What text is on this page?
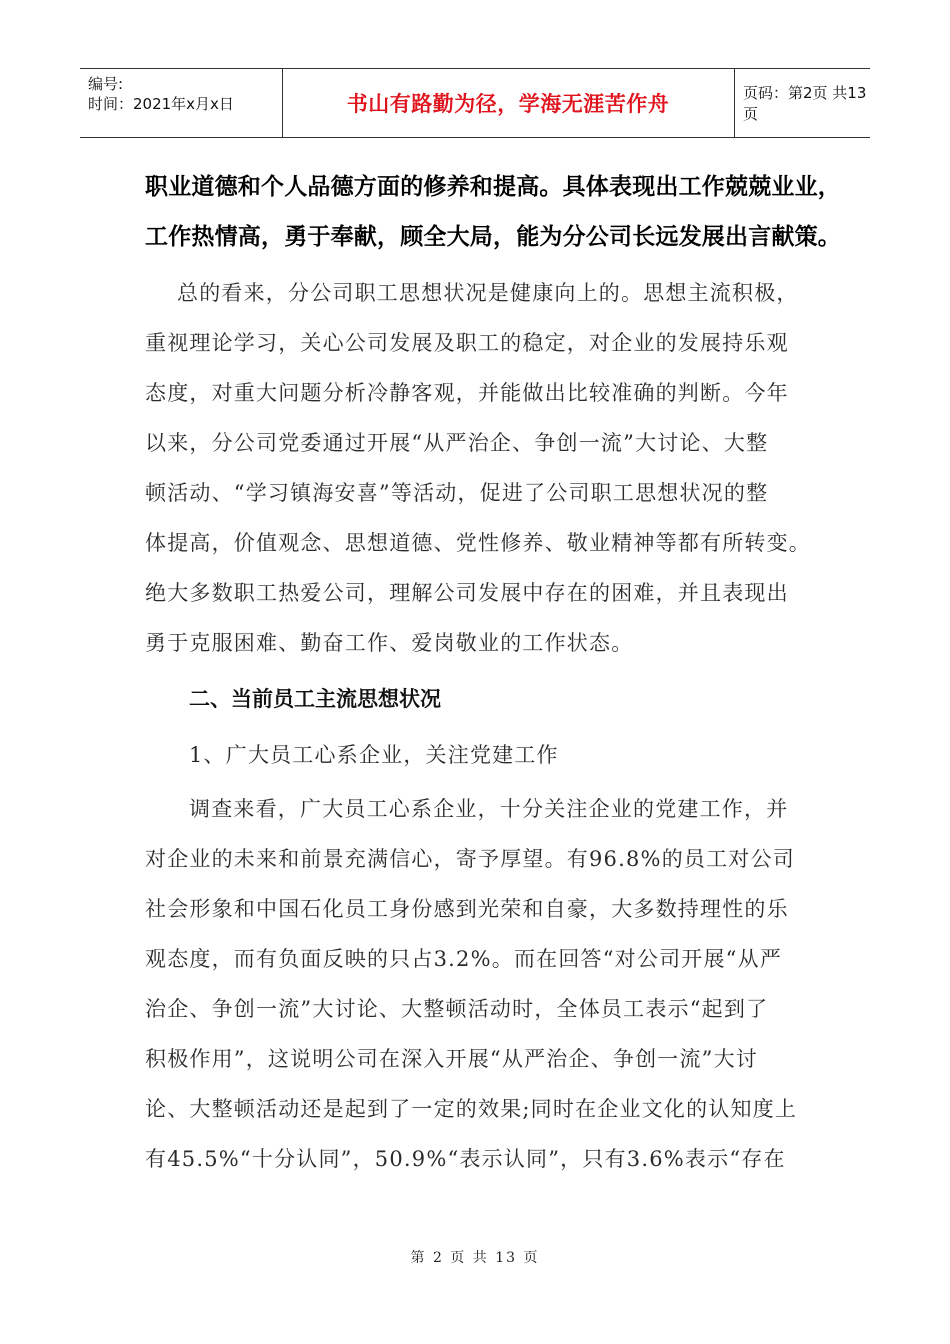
编号:
时间：2021年x月x日	书山有路勤为径，学海无涯苦作舟	页码：第2页 共13页
职业道德和个人品德方面的修养和提高。具体表现出工作兢兢业业，
工作热情高，勇于奉献，顾全大局，能为分公司长远发展出言献策。
总的看来，分公司职工思想状况是健康向上的。思想主流积极，
重视理论学习，关心公司发展及职工的稳定，对企业的发展持乐观
态度，对重大问题分析冷静客观，并能做出比较准确的判断。今年
以来，分公司党委通过开展“从严治企、争创一流”大讨论、大整
顿活动、“学习镇海安喜”等活动，促进了公司职工思想状况的整
体提高，价值观念、思想道德、党性修养、敬业精神等都有所转变。
绝大多数职工热爱公司，理解公司发展中存在的困难，并且表现出
勇于克服困难、勤奋工作、爱岗敬业的工作状态。
二、当前员工主流思想状况
1、广大员工心系企业，关注党建工作
调查来看，广大员工心系企业，十分关注企业的党建工作，并
对企业的未来和前景充满信心，寄予厚望。有96.8%的员工对公司
社会形象和中国石化员工身份感到光荣和自豪，大多数持理性的乐
观态度，而有负面反映的只占3.2%。而在回答“对公司开展“从严
治企、争创一流”大讨论、大整顿活动时，全体员工表示“起到了
积极作用”，这说明公司在深入开展“从严治企、争创一流”大讨
论、大整顿活动还是起到了一定的效果;同时在企业文化的认知度上
有45.5%“十分认同”，50.9%“表示认同”，只有3.6%表示“存在
第 2 页 共 13 页
